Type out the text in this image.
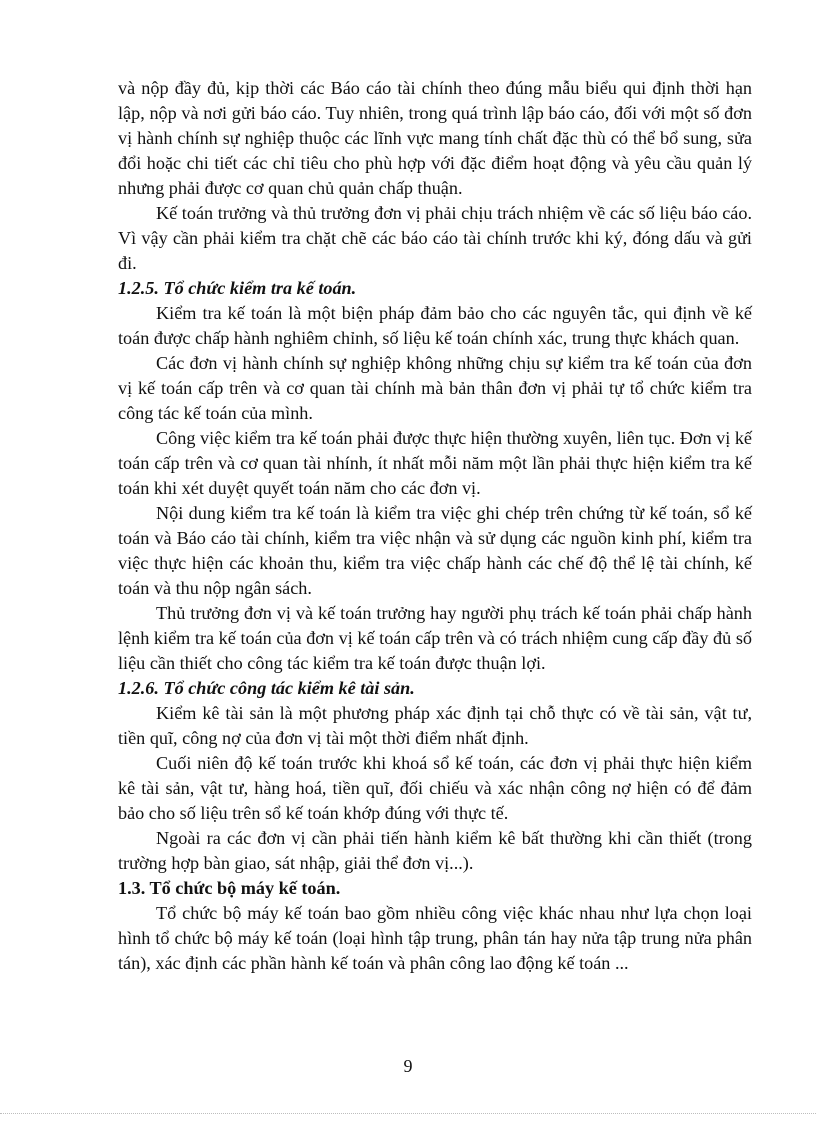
và nộp đầy đủ, kịp thời các Báo cáo tài chính theo đúng mẫu biểu qui định thời hạn lập, nộp và nơi gửi báo cáo. Tuy nhiên, trong quá trình lập báo cáo, đối với một số đơn vị hành chính sự nghiệp thuộc các lĩnh vực mang tính chất đặc thù có thể bổ sung, sửa đổi hoặc chi tiết các chỉ tiêu cho phù hợp với đặc điểm hoạt động và yêu cầu quản lý nhưng phải được cơ quan chủ quản chấp thuận.

Kế toán trưởng và thủ trưởng đơn vị phải chịu trách nhiệm về các số liệu báo cáo. Vì vậy cần phải kiểm tra chặt chẽ các báo cáo tài chính trước khi ký, đóng dấu và gửi đi.

1.2.5. Tổ chức kiểm tra kế toán.

Kiểm tra kế toán là một biện pháp đảm bảo cho các nguyên tắc, qui định về kế toán được chấp hành nghiêm chỉnh, số liệu kế toán chính xác, trung thực khách quan.

Các đơn vị hành chính sự nghiệp không những chịu sự kiểm tra kế toán của đơn vị kế toán cấp trên và cơ quan tài chính mà bản thân đơn vị phải tự tổ chức kiểm tra công tác kế toán của mình.

Công việc kiểm tra kế toán phải được thực hiện thường xuyên, liên tục. Đơn vị kế toán cấp trên và cơ quan tài nhính, ít nhất mỗi năm một lần phải thực hiện kiểm tra kế toán khi xét duyệt quyết toán năm cho các đơn vị.

Nội dung kiểm tra kế toán là kiểm tra việc ghi chép trên chứng từ kế toán, sổ kế toán và Báo cáo tài chính, kiểm tra việc nhận và sử dụng các nguồn kinh phí, kiểm tra việc thực hiện các khoản thu, kiểm tra việc chấp hành các chế độ thể lệ tài chính, kế toán và thu nộp ngân sách.

Thủ trưởng đơn vị và kế toán trưởng hay người phụ trách kế toán phải chấp hành lệnh kiểm tra kế toán của đơn vị kế toán cấp trên và có trách nhiệm cung cấp đầy đủ số liệu cần thiết cho công tác kiểm tra kế toán được thuận lợi.

1.2.6. Tổ chức công tác kiểm kê tài sản.

Kiểm kê tài sản là một phương pháp xác định tại chỗ thực có về tài sản, vật tư, tiền quĩ, công nợ của đơn vị tài một thời điểm nhất định.

Cuối niên độ kế toán trước khi khoá sổ kế toán, các đơn vị phải thực hiện kiểm kê tài sản, vật tư, hàng hoá, tiền quĩ, đối chiếu và xác nhận công nợ hiện có để đảm bảo cho số liệu trên sổ kế toán khớp đúng với thực tế.

Ngoài ra các đơn vị cần phải tiến hành kiểm kê bất thường khi cần thiết (trong trường hợp bàn giao, sát nhập, giải thể đơn vị...).

1.3. Tổ chức bộ máy kế toán.

Tổ chức bộ máy kế toán bao gồm nhiều công việc khác nhau như lựa chọn loại hình tổ chức bộ máy kế toán (loại hình tập trung, phân tán hay nửa tập trung nửa phân tán), xác định các phần hành kế toán và phân công lao động kế toán ...

9
